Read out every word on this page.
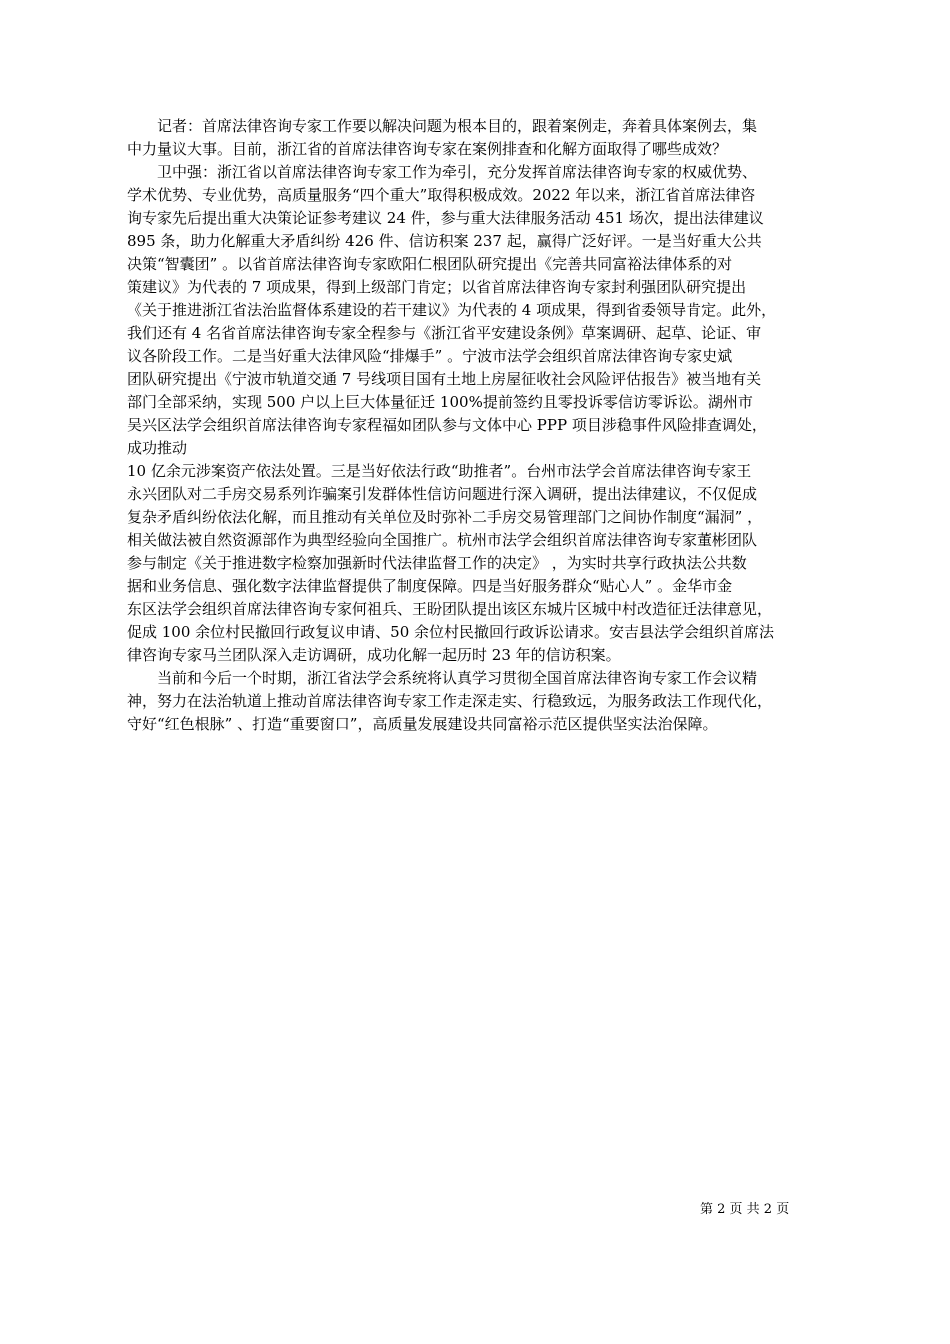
　　记者：首席法律咨询专家工作要以解决问题为根本目的，跟着案例走，奔着具体案例去，集
中力量议大事。目前，浙江省的首席法律咨询专家在案例排查和化解方面取得了哪些成效？
　　卫中强：浙江省以首席法律咨询专家工作为牵引，充分发挥首席法律咨询专家的权威优势、
学术优势、专业优势，高质量服务“四个重大”取得积极成效。2022 年以来，浙江省首席法律咨
询专家先后提出重大决策论证参考建议 24 件，参与重大法律服务活动 451 场次，提出法律建议
895 条，助力化解重大矛盾纠纷 426 件、信访积案 237 起，赢得广泛好评。一是当好重大公共
决策“智囊团” 。以省首席法律咨询专家欧阳仁根团队研究提出《完善共同富裕法律体系的对
策建议》为代表的 7 项成果，得到上级部门肯定；以省首席法律咨询专家封利强团队研究提出
《关于推进浙江省法治监督体系建设的若干建议》为代表的 4 项成果，得到省委领导肯定。此外，
我们还有 4 名省首席法律咨询专家全程参与《浙江省平安建设条例》草案调研、起草、论证、审
议各阶段工作。二是当好重大法律风险“排爆手” 。宁波市法学会组织首席法律咨询专家史斌
团队研究提出《宁波市轨道交通 7 号线项目国有土地上房屋征收社会风险评估报告》被当地有关
部门全部采纳，实现 500 户以上巨大体量征迁 100%提前签约且零投诉零信访零诉讼。湖州市
吴兴区法学会组织首席法律咨询专家程福如团队参与文体中心 PPP 项目涉稳事件风险排查调处，
成功推动
10 亿余元涉案资产依法处置。三是当好依法行政“助推者”。台州市法学会首席法律咨询专家王
永兴团队对二手房交易系列诈骗案引发群体性信访问题进行深入调研，提出法律建议，不仅促成
复杂矛盾纠纷依法化解，而且推动有关单位及时弥补二手房交易管理部门之间协作制度“漏洞” ，
相关做法被自然资源部作为典型经验向全国推广。杭州市法学会组织首席法律咨询专家董彬团队
参与制定《关于推进数字检察加强新时代法律监督工作的决定》 ，为实时共享行政执法公共数
据和业务信息、强化数字法律监督提供了制度保障。四是当好服务群众“贴心人” 。金华市金
东区法学会组织首席法律咨询专家何祖兵、王盼团队提出该区东城片区城中村改造征迁法律意见，
促成 100 余位村民撤回行政复议申请、50 余位村民撤回行政诉讼请求。安吉县法学会组织首席法
律咨询专家马兰团队深入走访调研，成功化解一起历时 23 年的信访积案。
　　当前和今后一个时期，浙江省法学会系统将认真学习贯彻全国首席法律咨询专家工作会议精
神，努力在法治轨道上推动首席法律咨询专家工作走深走实、行稳致远，为服务政法工作现代化，
守好“红色根脉” 、打造“重要窗口”，高质量发展建设共同富裕示范区提供坚实法治保障。
第 2 页 共 2 页
